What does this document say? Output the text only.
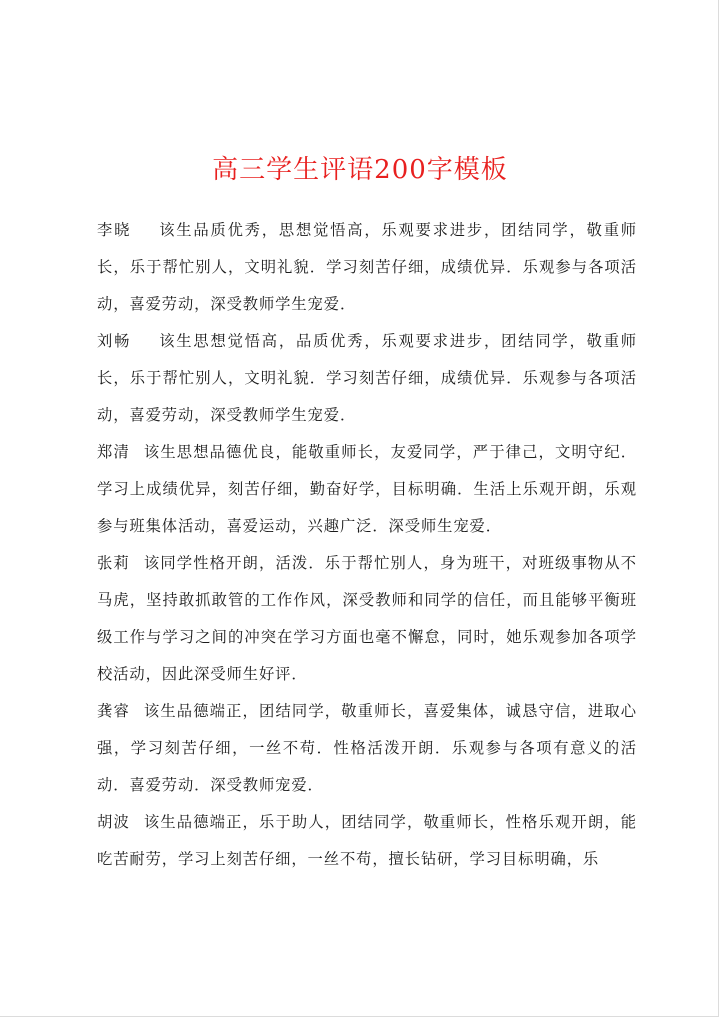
高三学生评语200字模板

李晓 该生品质优秀，思想觉悟高，乐观要求进步，团结同学，敬重师长，乐于帮忙别人，文明礼貌．学习刻苦仔细，成绩优异．乐观参与各项活动，喜爱劳动，深受教师学生宠爱．

刘畅 该生思想觉悟高，品质优秀，乐观要求进步，团结同学，敬重师长，乐于帮忙别人，文明礼貌．学习刻苦仔细，成绩优异．乐观参与各项活动，喜爱劳动，深受教师学生宠爱．

郑清 该生思想品德优良，能敬重师长，友爱同学，严于律己，文明守纪．学习上成绩优异，刻苦仔细，勤奋好学，目标明确．生活上乐观开朗，乐观参与班集体活动，喜爱运动，兴趣广泛．深受师生宠爱．

张莉 该同学性格开朗，活泼．乐于帮忙别人，身为班干，对班级事物从不马虎，坚持敢抓敢管的工作作风，深受教师和同学的信任，而且能够平衡班级工作与学习之间的冲突在学习方面也毫不懈怠，同时，她乐观参加各项学校活动，因此深受师生好评．

龚睿 该生品德端正，团结同学，敬重师长，喜爱集体，诚恳守信，进取心强，学习刻苦仔细，一丝不苟．性格活泼开朗．乐观参与各项有意义的活动．喜爱劳动．深受教师宠爱．

胡波 该生品德端正，乐于助人，团结同学，敬重师长，性格乐观开朗，能吃苦耐劳，学习上刻苦仔细，一丝不苟，擅长钻研，学习目标明确，乐
